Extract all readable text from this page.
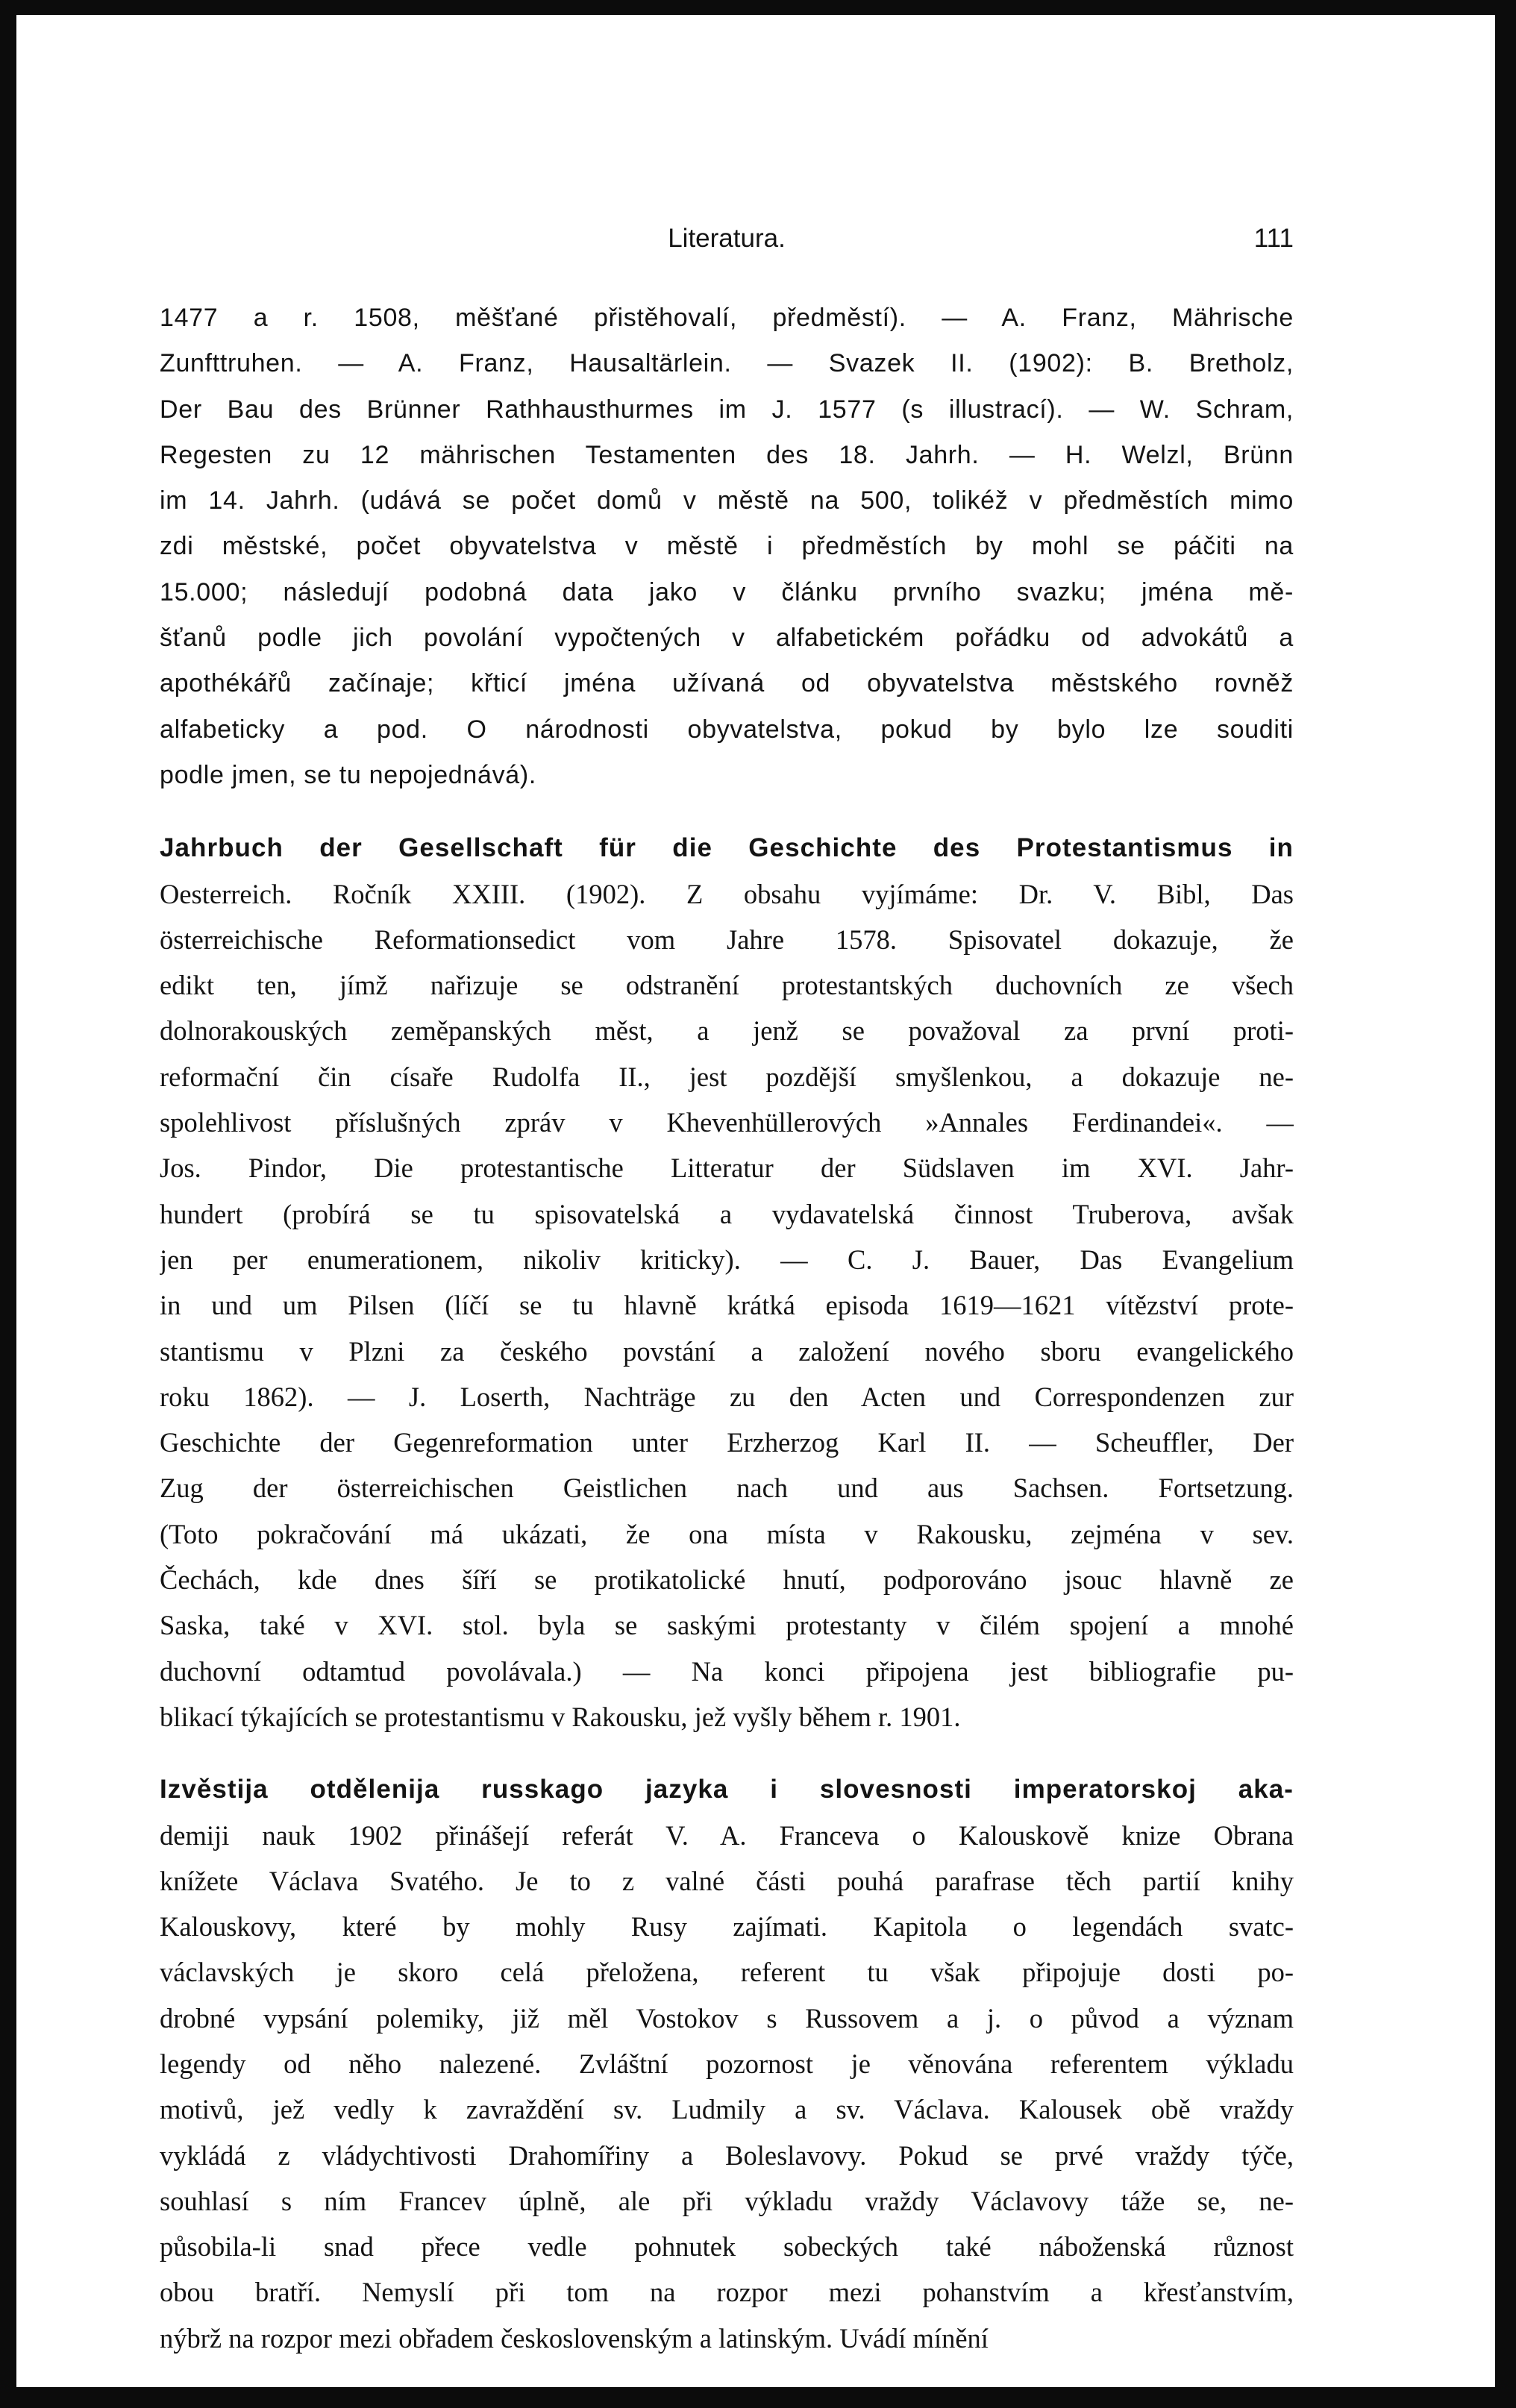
Literatura.	111
1477 a r. 1508, měšťané přistěhovalí, předměstí). — A. Franz, Mährische
Zunfttruhen. — A. Franz, Hausaltärlein. — Svazek II. (1902): B. Bretholz,
Der Bau des Brünner Rathhausthurmes im J. 1577 (s illustrací). — W. Schram,
Regesten zu 12 mährischen Testamenten des 18. Jahrh. — H. Welzl, Brünn
im 14. Jahrh. (udává se počet domů v městě na 500, tolikéž v předměstích mimo
zdi městské, počet obyvatelstva v městě i předměstích by mohl se páčiti na
15.000; následují podobná data jako v článku prvního svazku; jména mě-
šťanů podle jich povolání vypočtených v alfabetickém pořádku od advokátů a
apothékářů začínaje; křticí jména užívaná od obyvatelstva městského rovněž
alfabeticky a pod. O národnosti obyvatelstva, pokud by bylo lze souditi
podle jmen, se tu nepojednává).
Jahrbuch der Gesellschaft für die Geschichte des Protestantismus in
Oesterreich. Ročník XXIII. (1902). Z obsahu vyjímáme: Dr. V. Bibl, Das
österreichische Reformationsedict vom Jahre 1578. Spisovatel dokazuje, že
edikt ten, jímž nařizuje se odstranění protestantských duchovních ze všech
dolnorakouských zeměpanských měst, a jenž se považoval za první proti-
reformační čin císaře Rudolfa II., jest pozdější smyšlenkou, a dokazuje ne-
spolehlivost příslušných zpráv v Khevenhüllerových »Annales Ferdinandei«. —
Jos. Pindor, Die protestantische Litteratur der Südslaven im XVI. Jahr-
hundert (probírá se tu spisovatelská a vydavatelská činnost Truberova, avšak
jen per enumerationem, nikoliv kriticky). — C. J. Bauer, Das Evangelium
in und um Pilsen (líčí se tu hlavně krátká episoda 1619—1621 vítězství prote-
stantismu v Plzni za českého povstání a založení nového sboru evangelického
roku 1862). — J. Loserth, Nachträge zu den Acten und Correspondenzen zur
Geschichte der Gegenreformation unter Erzherzog Karl II. — Scheuffler, Der
Zug der österreichischen Geistlichen nach und aus Sachsen. Fortsetzung.
(Toto pokračování má ukázati, že ona místa v Rakousku, zejména v sev.
Čechách, kde dnes šíří se protikatolické hnutí, podporováno jsouc hlavně ze
Saska, také v XVI. stol. byla se saskými protestanty v čilém spojení a mnohé
duchovní odtamtud povolávala.) — Na konci připojena jest bibliografie pu-
blikací týkajících se protestantismu v Rakousku, jež vyšly během r. 1901.
Izvěstija otdělenija russkago jazyka i slovesnosti imperatorskoj aka-
demiji nauk 1902 přinášejí referát V. A. Franceva o Kalouskově knize Obrana
knížete Václava Svatého. Je to z valné části pouhá parafrase těch partií knihy
Kalouskovy, které by mohly Rusy zajímati. Kapitola o legendách svatc-
václavských je skoro celá přeložena, referent tu však připojuje dosti po-
drobné vypsání polemiky, již měl Vostokov s Russovem a j. o původ a význam
legendy od něho nalezené. Zvláštní pozornost je věnována referentem výkladu
motivů, jež vedly k zavraždění sv. Ludmily a sv. Václava. Kalousek obě vraždy
vykládá z vládychtivosti Drahomířiny a Boleslavovy. Pokud se prvé vraždy týče,
souhlasí s ním Francev úplně, ale při výkladu vraždy Václavovy táže se, ne-
působila-li snad přece vedle pohnutek sobeckých také náboženská různost
obou bratří. Nemyslí při tom na rozpor mezi pohanstvím a křesťanstvím,
nýbrž na rozpor mezi obřadem československým a latinským. Uvádí mínění
